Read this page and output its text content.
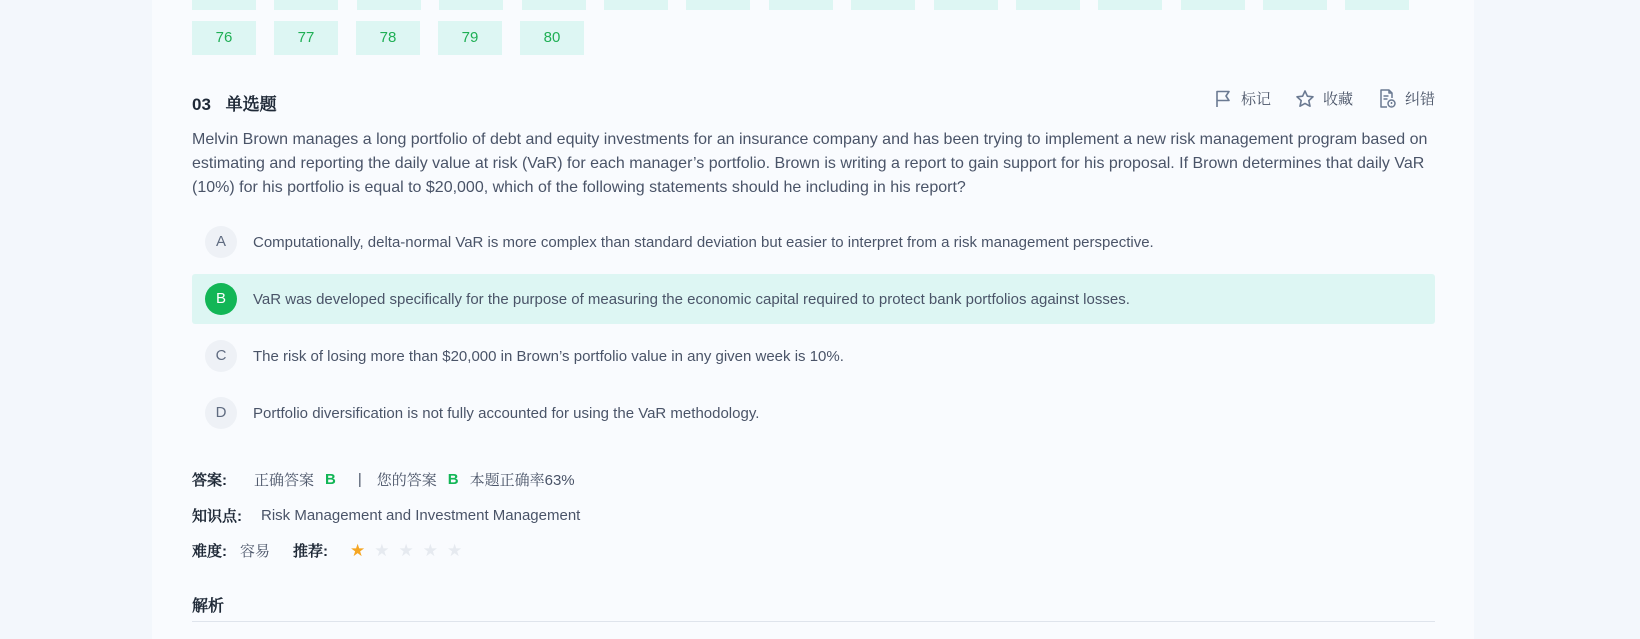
76	77	78	79	80
03 单选题	标记	收藏	纠错
Melvin Brown manages a long portfolio of debt and equity investments for an insurance company and has been trying to implement a new risk management program based on estimating and reporting the daily value at risk (VaR) for each manager’s portfolio. Brown is writing a report to gain support for his proposal. If Brown determines that daily VaR (10%) for his portfolio is equal to $20,000, which of the following statements should he including in his report?
A	Computationally, delta-normal VaR is more complex than standard deviation but easier to interpret from a risk management perspective.
B	VaR was developed specifically for the purpose of measuring the economic capital required to protect bank portfolios against losses.
C	The risk of losing more than $20,000 in Brown’s portfolio value in any given week is 10%.
D	Portfolio diversification is not fully accounted for using the VaR methodology.
答案: 正确答案 B | 您的答案 B 本题正确率63%
知识点: Risk Management and Investment Management
难度: 容易 推荐: ★ ★ ★ ★ ★
解析
